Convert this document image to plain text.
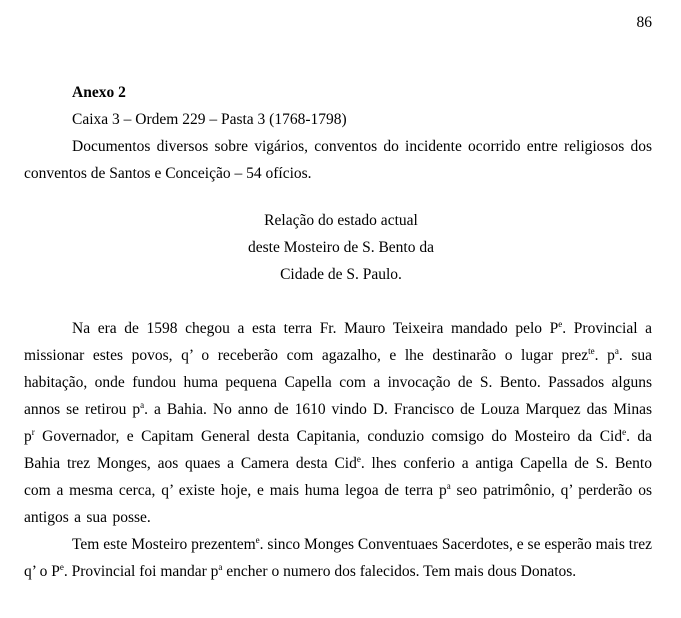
86

Anexo 2

Caixa 3 – Ordem 229 – Pasta 3 (1768-1798)

Documentos diversos sobre vigários, conventos do incidente ocorrido entre religiosos dos conventos de Santos e Conceição – 54 ofícios.

Relação do estado actual

deste Mosteiro de S. Bento da

Cidade de S. Paulo.

Na era de 1598 chegou a esta terra Fr. Mauro Teixeira mandado pelo $P^e$. Provincial a missionar estes povos, q’ o receberão com agazalho, e lhe destinarão o lugar prez$^{te}$. $p^a$. sua habitação, onde fundou huma pequena Capella com a invocação de S. Bento. Passados alguns annos se retirou $p^a$. a Bahia. No anno de 1610 vindo D. Francisco de Louza Marquez das Minas $p^r$ Governador, e Capitam General desta Capitania, conduzio comsigo do Mosteiro da Cid$^e$. da Bahia trez Monges, aos quaes a Camera desta Cid$^e$. lhes conferio a antiga Capella de S. Bento com a mesma cerca, q’ existe hoje, e mais huma legoa de terra $p^a$ seo patrimônio, q’ perderão os antigos a sua posse.

Tem este Mosteiro prezentem$^e$. sinco Monges Conventuaes Sacerdotes, e se esperão mais trez q’ o $P^e$. Provincial foi mandar $p^a$ encher o numero dos falecidos. Tem mais dous Donatos.
